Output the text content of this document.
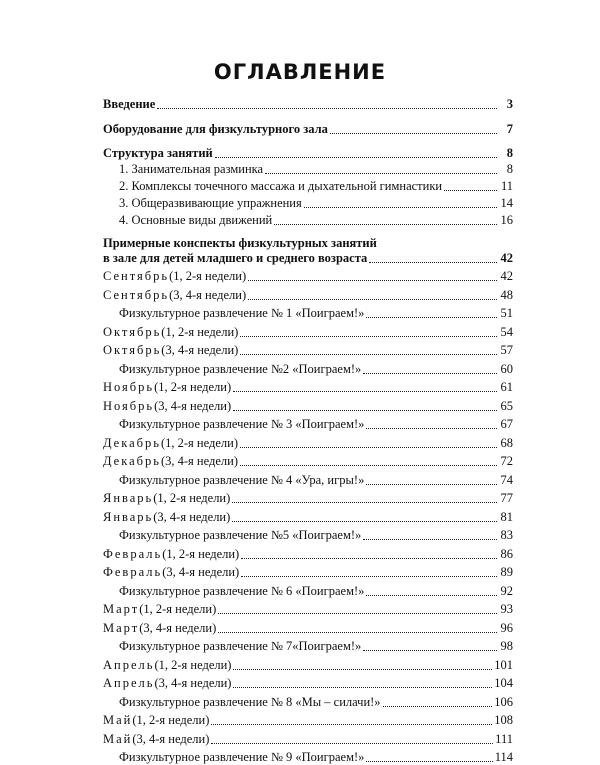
ОГЛАВЛЕНИЕ
Введение	3
Оборудование для физкультурного зала	7
Структура занятий	8
1. Занимательная разминка	8
2. Комплексы точечного массажа и дыхательной гимнастики	11
3. Общеразвивающие упражнения	14
4. Основные виды движений	16
Примерные конспекты физкультурных занятий
в зале для детей младшего и среднего возраста	42
Сентябрь(1, 2-я недели)	42
Сентябрь(3, 4-я недели)	48
Физкультурное развлечение № 1 «Поиграем!»	51
Октябрь(1, 2-я недели)	54
Октябрь(3, 4-я недели)	57
Физкультурное развлечение №2 «Поиграем!»	60
Ноябрь(1, 2-я недели)	61
Ноябрь(3, 4-я недели)	65
Физкультурное развлечение № 3 «Поиграем!»	67
Декабрь(1, 2-я недели)	68
Декабрь(3, 4-я недели)	72
Физкультурное развлечение № 4 «Ура, игры!»	74
Январь(1, 2-я недели)	77
Январь(3, 4-я недели)	81
Физкультурное развлечение №5 «Поиграем!»	83
Февраль(1, 2-я недели)	86
Февраль(3, 4-я недели)	89
Физкультурное развлечение № 6 «Поиграем!»	92
Март(1, 2-я недели)	93
Март(3, 4-я недели)	96
Физкультурное развлечение № 7«Поиграем!»	98
Апрель(1, 2-я недели)	101
Апрель(3, 4-я недели)	104
Физкультурное развлечение № 8 «Мы – силачи!»	106
Май(1, 2-я недели)	108
Май(3, 4-я недели)	111
Физкультурное развлечение № 9 «Поиграем!»	114
